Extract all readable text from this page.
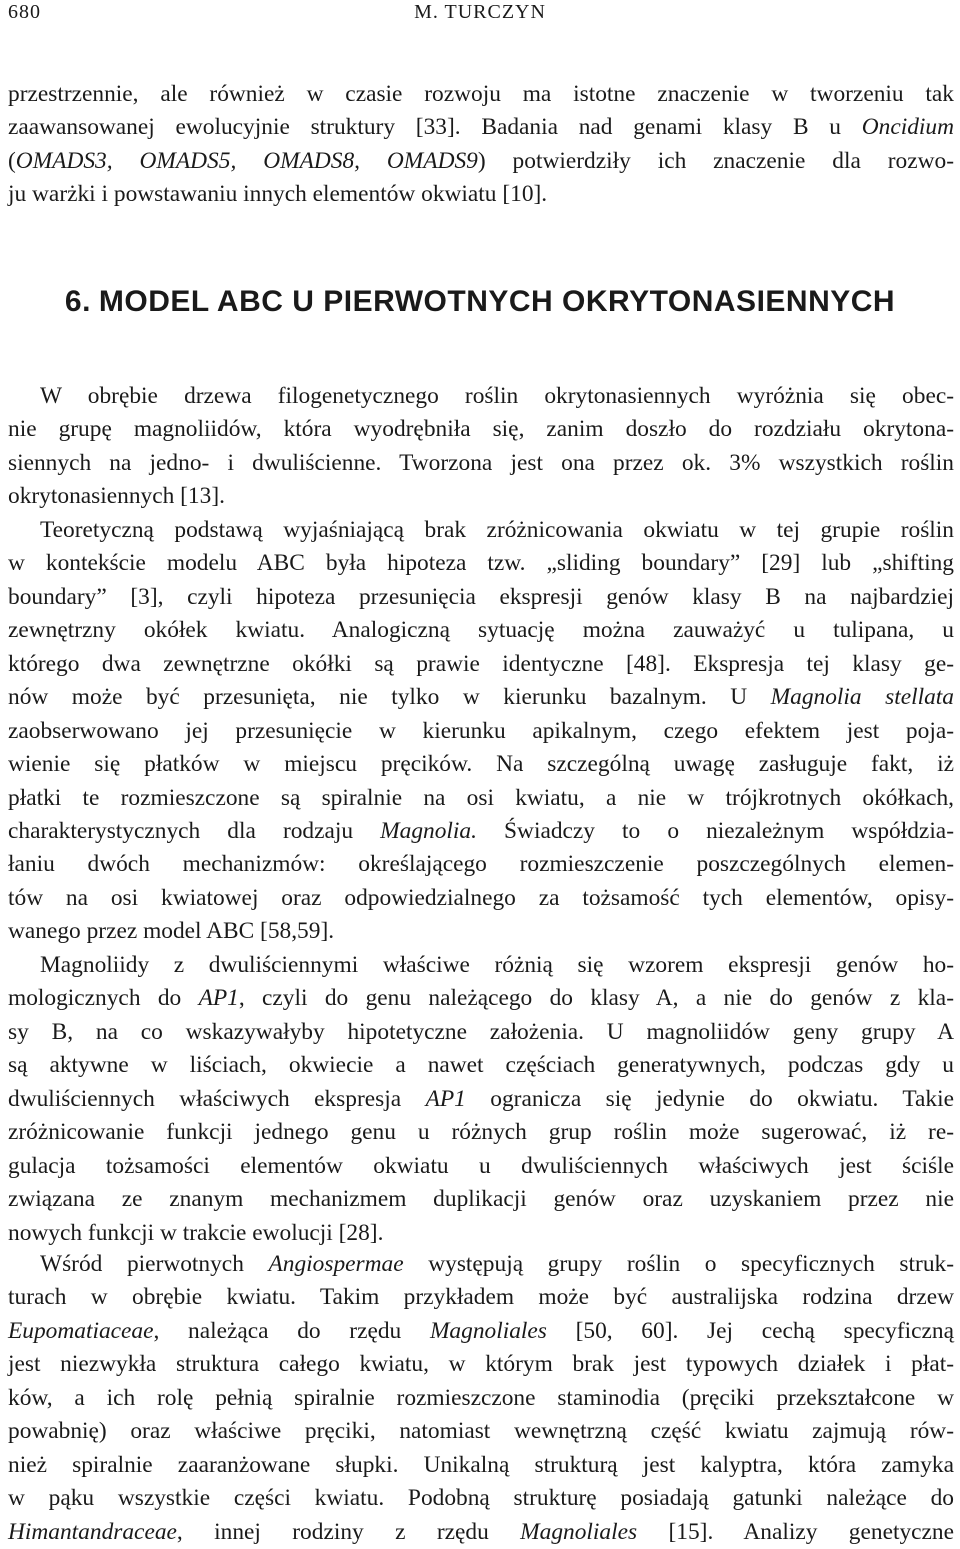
680	M. TURCZYN
przestrzennie, ale również w czasie rozwoju ma istotne znaczenie w tworzeniu tak
zaawansowanej ewolucyjnie struktury [33]. Badania nad genami klasy B u Oncidium
(OMADS3, OMADS5, OMADS8, OMADS9) potwierdziły ich znaczenie dla rozwo-
ju warżki i powstawaniu innych elementów okwiatu [10].
6. MODEL ABC U PIERWOTNYCH OKRYTONASIENNYCH
W obrębie drzewa filogenetycznego roślin okrytonasiennych wyróżnia się obec-
nie grupę magnoliidów, która wyodrębniła się, zanim doszło do rozdziału okrytona-
siennych na jedno- i dwuliścienne. Tworzona jest ona przez ok. 3% wszystkich roślin
okrytonasiennych [13].
Teoretyczną podstawą wyjaśniającą brak zróżnicowania okwiatu w tej grupie roślin
w kontekście modelu ABC była hipoteza tzw. „sliding boundary” [29] lub „shifting
boundary” [3], czyli hipoteza przesunięcia ekspresji genów klasy B na najbardziej
zewnętrzny okółek kwiatu. Analogiczną sytuację można zauważyć u tulipana, u
którego dwa zewnętrzne okółki są prawie identyczne [48]. Ekspresja tej klasy ge-
nów może być przesunięta, nie tylko w kierunku bazalnym. U Magnolia stellata
zaobserwowano jej przesunięcie w kierunku apikalnym, czego efektem jest poja-
wienie się płatków w miejscu pręcików. Na szczególną uwagę zasługuje fakt, iż
płatki te rozmieszczone są spiralnie na osi kwiatu, a nie w trójkrotnych okółkach,
charakterystycznych dla rodzaju Magnolia. Świadczy to o niezależnym współdzia-
łaniu dwóch mechanizmów: określającego rozmieszczenie poszczególnych elemen-
tów na osi kwiatowej oraz odpowiedzialnego za tożsamość tych elementów, opisy-
wanego przez model ABC [58,59].
Magnoliidy z dwuliściennymi właściwe różnią się wzorem ekspresji genów ho-
mologicznych do AP1, czyli do genu należącego do klasy A, a nie do genów z kla-
sy B, na co wskazywałyby hipotetyczne założenia. U magnoliidów geny grupy A
są aktywne w liściach, okwiecie a nawet częściach generatywnych, podczas gdy u
dwuliściennych właściwych ekspresja AP1 ogranicza się jedynie do okwiatu. Takie
zróżnicowanie funkcji jednego genu u różnych grup roślin może sugerować, iż re-
gulacja tożsamości elementów okwiatu u dwuliściennych właściwych jest ściśle
związana ze znanym mechanizmem duplikacji genów oraz uzyskaniem przez nie
nowych funkcji w trakcie ewolucji [28].
Wśród pierwotnych Angiospermae występują grupy roślin o specyficznych struk-
turach w obrębie kwiatu. Takim przykładem może być australijska rodzina drzew
Eupomatiaceae, należąca do rzędu Magnoliales [50, 60]. Jej cechą specyficzną
jest niezwykła struktura całego kwiatu, w którym brak jest typowych działek i płat-
ków, a ich rolę pełnią spiralnie rozmieszczone staminodia (pręciki przekształcone w
powabnię) oraz właściwe pręciki, natomiast wewnętrzną część kwiatu zajmują rów-
nież spiralnie zaaranżowane słupki. Unikalną strukturą jest kalyptra, która zamyka
w pąku wszystkie części kwiatu. Podobną strukturę posiadają gatunki należące do
Himantandraceae, innej rodziny z rzędu Magnoliales [15]. Analizy genetyczne
